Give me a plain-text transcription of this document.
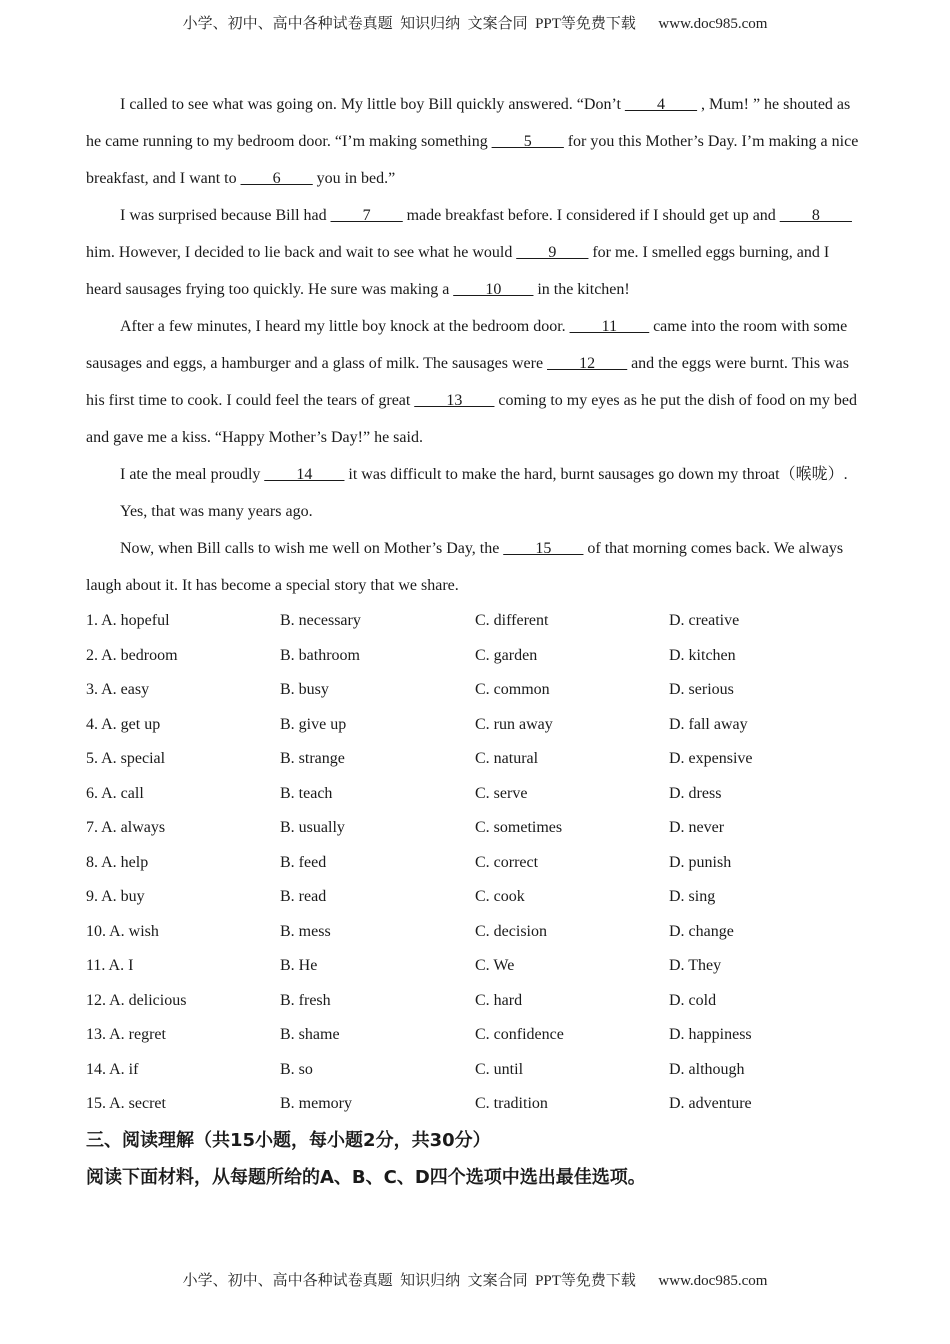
小学、初中、高中各种试卷真题  知识归纳  文案合同  PPT等免费下载      www.doc985.com

I called to see what was going on. My little boy Bill quickly answered. “Don’t ____4____ , Mum! ” he shouted as he came running to my bedroom door. “I’m making something ____5____ for you this Mother’s Day. I’m making a nice breakfast, and I want to ____6____ you in bed.”

I was surprised because Bill had ____7____ made breakfast before. I considered if I should get up and ____8____ him. However, I decided to lie back and wait to see what he would ____9____ for me. I smelled eggs burning, and I heard sausages frying too quickly. He sure was making a ____10____ in the kitchen!

After a few minutes, I heard my little boy knock at the bedroom door. ____11____ came into the room with some sausages and eggs, a hamburger and a glass of milk. The sausages were ____12____ and the eggs were burnt. This was his first time to cook. I could feel the tears of great ____13____ coming to my eyes as he put the dish of food on my bed and gave me a kiss. “Happy Mother’s Day!” he said.

I ate the meal proudly ____14____ it was difficult to make the hard, burnt sausages go down my throat（喉咙）.

Yes, that was many years ago.

Now, when Bill calls to wish me well on Mother’s Day, the ____15____ of that morning comes back. We always laugh about it. It has become a special story that we share.

1. A. hopeful	B. necessary	C. different	D. creative
2. A. bedroom	B. bathroom	C. garden	D. kitchen
3. A. easy	B. busy	C. common	D. serious
4. A. get up	B. give up	C. run away	D. fall away
5. A. special	B. strange	C. natural	D. expensive
6. A. call	B. teach	C. serve	D. dress
7. A. always	B. usually	C. sometimes	D. never
8. A. help	B. feed	C. correct	D. punish
9. A. buy	B. read	C. cook	D. sing
10. A. wish	B. mess	C. decision	D. change
11. A. I	B. He	C. We	D. They
12. A. delicious	B. fresh	C. hard	D. cold
13. A. regret	B. shame	C. confidence	D. happiness
14. A. if	B. so	C. until	D. although
15. A. secret	B. memory	C. tradition	D. adventure

三、阅读理解（共15小题，每小题2分，共30分）

阅读下面材料，从每题所给的A、B、C、D四个选项中选出最佳选项。

小学、初中、高中各种试卷真题  知识归纳  文案合同  PPT等免费下载      www.doc985.com
